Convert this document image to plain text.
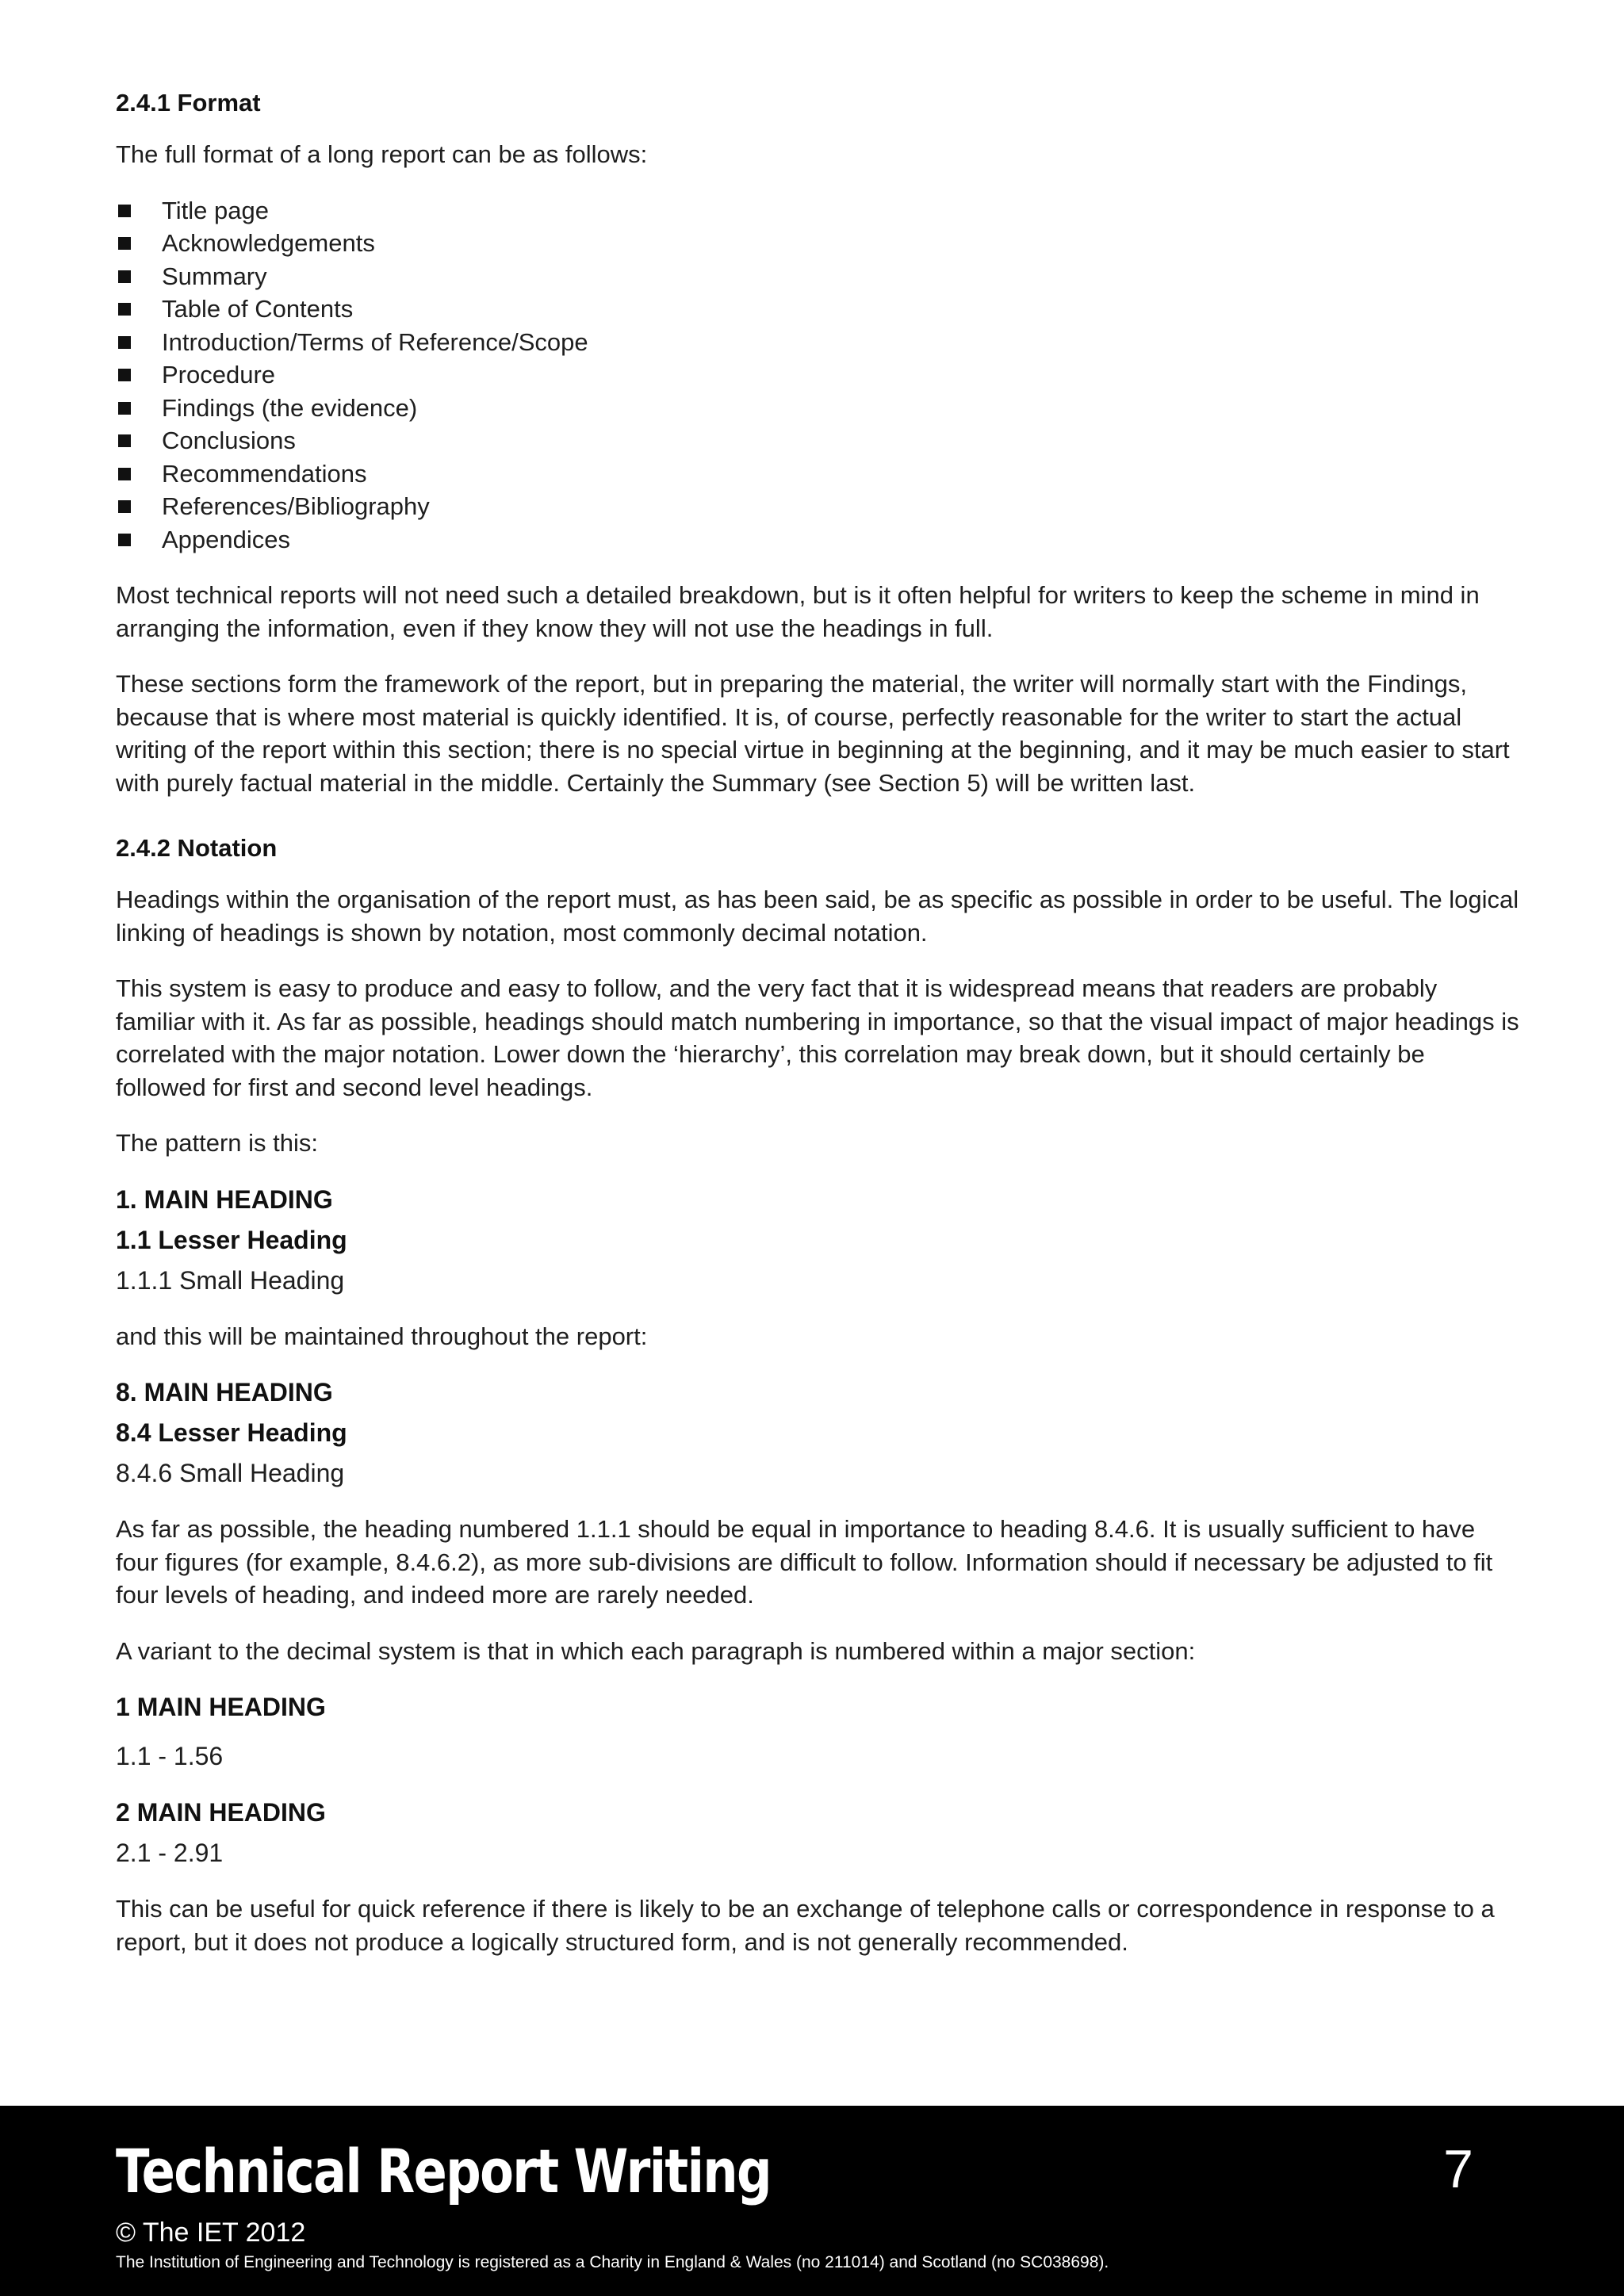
2.4.1 Format

The full format of a long report can be as follows:

Title page
Acknowledgements
Summary
Table of Contents
Introduction/Terms of Reference/Scope
Procedure
Findings (the evidence)
Conclusions
Recommendations
References/Bibliography
Appendices

Most technical reports will not need such a detailed breakdown, but is it often helpful for writers to keep the scheme in mind in arranging the information, even if they know they will not use the headings in full.

These sections form the framework of the report, but in preparing the material, the writer will normally start with the Findings, because that is where most material is quickly identified. It is, of course, perfectly reasonable for the writer to start the actual writing of the report within this section; there is no special virtue in beginning at the beginning, and it may be much easier to start with purely factual material in the middle. Certainly the Summary (see Section 5) will be written last.

2.4.2 Notation

Headings within the organisation of the report must, as has been said, be as specific as possible in order to be useful. The logical linking of headings is shown by notation, most commonly decimal notation.

This system is easy to produce and easy to follow, and the very fact that it is widespread means that readers are probably familiar with it. As far as possible, headings should match numbering in importance, so that the visual impact of major headings is correlated with the major notation. Lower down the ‘hierarchy’, this correlation may break down, but it should certainly be followed for first and second level headings.

The pattern is this:

1. MAIN HEADING
1.1 Lesser Heading
1.1.1 Small Heading

and this will be maintained throughout the report:

8. MAIN HEADING
8.4 Lesser Heading
8.4.6 Small Heading

As far as possible, the heading numbered 1.1.1 should be equal in importance to heading 8.4.6. It is usually sufficient to have four figures (for example, 8.4.6.2), as more sub-divisions are difficult to follow. Information should if necessary be adjusted to fit four levels of heading, and indeed more are rarely needed.

A variant to the decimal system is that in which each paragraph is numbered within a major section:

1 MAIN HEADING
1.1 - 1.56
2 MAIN HEADING
2.1 - 2.91

This can be useful for quick reference if there is likely to be an exchange of telephone calls or correspondence in response to a report, but it does not produce a logically structured form, and is not generally recommended.

Technical Report Writing	7
© The IET 2012
The Institution of Engineering and Technology is registered as a Charity in England & Wales (no 211014) and Scotland (no SC038698).
